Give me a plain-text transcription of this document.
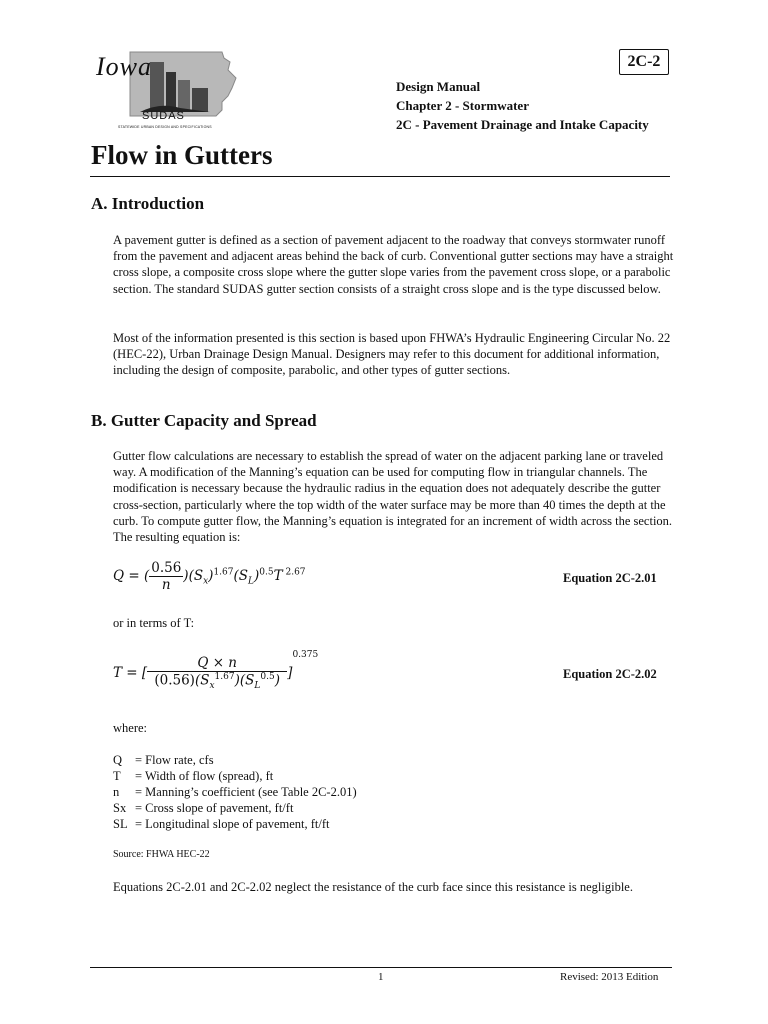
Iowa
SUDAS
STATEWIDE URBAN DESIGN AND SPECIFICATIONS
2C-2
Design Manual
Chapter 2 - Stormwater
2C - Pavement Drainage and Intake Capacity
Flow in Gutters
A. Introduction

A pavement gutter is defined as a section of pavement adjacent to the roadway that conveys stormwater runoff from the pavement and adjacent areas behind the back of curb. Conventional gutter sections may have a straight cross slope, a composite cross slope where the gutter slope varies from the pavement cross slope, or a parabolic section. The standard SUDAS gutter section consists of a straight cross slope and is the type discussed below.

Most of the information presented is this section is based upon FHWA’s Hydraulic Engineering Circular No. 22 (HEC-22), Urban Drainage Design Manual. Designers may refer to this document for additional information, including the design of composite, parabolic, and other types of gutter sections.

B. Gutter Capacity and Spread

Gutter flow calculations are necessary to establish the spread of water on the adjacent parking lane or traveled way. A modification of the Manning’s equation can be used for computing flow in triangular channels. The modification is necessary because the hydraulic radius in the equation does not adequately describe the gutter cross-section, particularly where the top width of the water surface may be more than 40 times the depth at the curb. To compute gutter flow, the Manning’s equation is integrated for an increment of width across the section. The resulting equation is:

Q = ( $\frac{0.56}{n} )(S_x)^{1.67}(S_L)^{0.5}T$ $^{2.67}$	Equation 2C-2.01

or in terms of T:

T = [ $\frac{Q \times n}{(0.56)(S_x^{1.67})(S_L^{0.5})} ]^{0.375}$
Equation 2C-2.02

where:

Q	= Flow rate, cfs
T	= Width of flow (spread), ft
n	= Manning’s coefficient (see Table 2C-2.01)
Sx = Cross slope of pavement, ft/ft
SL = Longitudinal slope of pavement, ft/ft
Source: FHWA HEC-22

Equations 2C-2.01 and 2C-2.02 neglect the resistance of the curb face since this resistance is negligible.

1	Revised: 2013 Edition
